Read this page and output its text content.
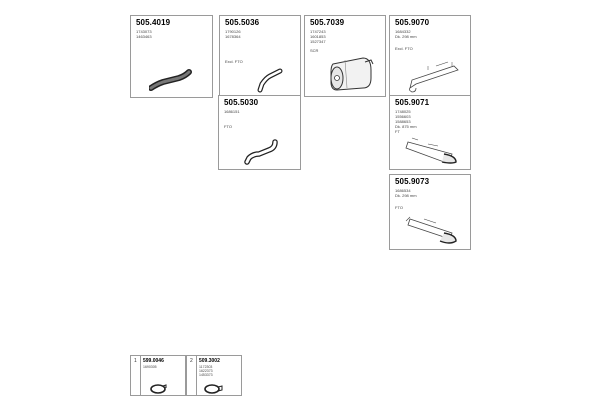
505.4019
1743073
1463463
505.5036
1790126
1678364
Excl. FTO
505.7039
1747243
1601853
1527347
SCR
505.9070
1684332
Dk. 298 mm
Excl. FTO
505.5030
1686151
FTO
505.9071
1748025
1556603
1588653
Dk. 875 mm
FT
505.9073
1686534
Dk. 298 mm
FTO
1 599.0046
1690305
2 509.3002
1172303
1622373
1453373
